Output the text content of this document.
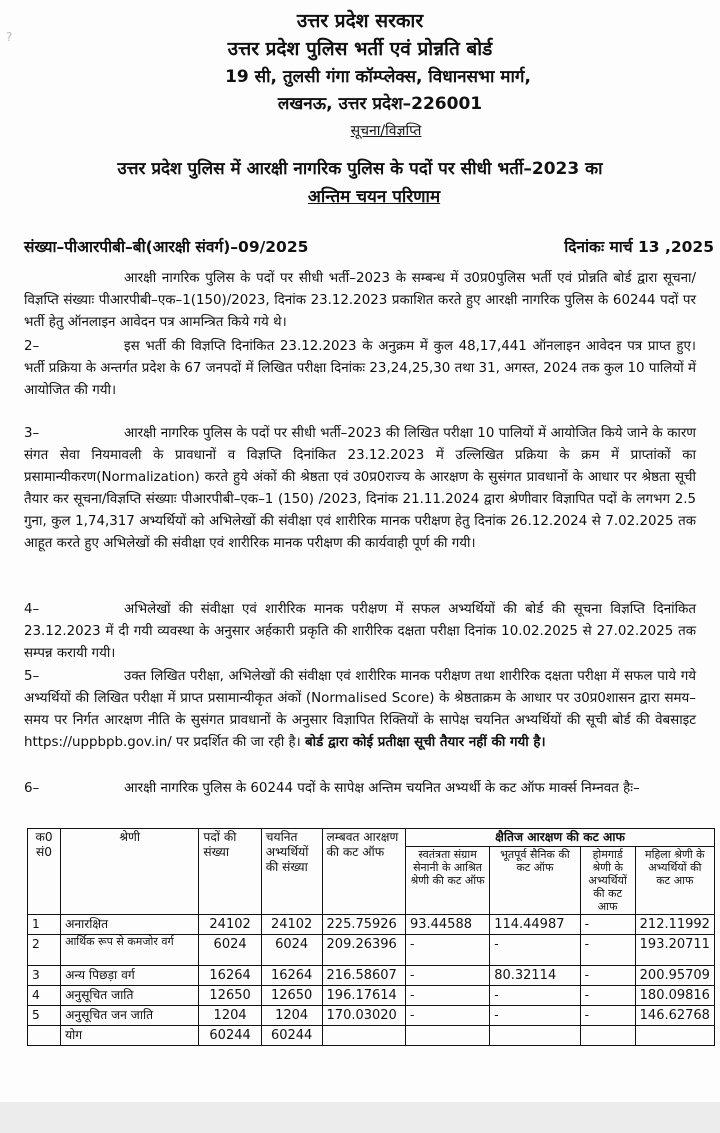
?
उत्तर प्रदेश सरकार
उत्तर प्रदेश पुलिस भर्ती एवं प्रोन्नति बोर्ड
19 सी, तुलसी गंगा कॉम्प्लेक्स, विधानसभा मार्ग,
लखनऊ, उत्तर प्रदेश–226001
सूचना/विज्ञप्ति
उत्तर प्रदेश पुलिस में आरक्षी नागरिक पुलिस के पदों पर सीधी भर्ती–2023 का
अन्तिम चयन परिणाम
संख्या–पीआरपीबी–बी(आरक्षी संवर्ग)–09/2025	दिनांकः मार्च 13 ,2025
आरक्षी नागरिक पुलिस के पदों पर सीधी भर्ती–2023 के सम्बन्ध में उ0प्र0पुलिस भर्ती एवं प्रोन्नति बोर्ड द्वारा सूचना/विज्ञप्ति संख्याः पीआरपीबी–एक–1(150)/2023, दिनांक 23.12.2023 प्रकाशित करते हुए आरक्षी नागरिक पुलिस के 60244 पदों पर भर्ती हेतु ऑनलाइन आवेदन पत्र आमन्त्रित किये गये थे।
2–	इस भर्ती की विज्ञप्ति दिनांकित 23.12.2023 के अनुक्रम में कुल 48,17,441 ऑनलाइन आवेदन पत्र प्राप्त हुए। भर्ती प्रक्रिया के अन्तर्गत प्रदेश के 67 जनपदों में लिखित परीक्षा दिनांकः 23,24,25,30 तथा 31, अगस्त, 2024 तक कुल 10 पालियों में आयोजित की गयी।
3–	आरक्षी नागरिक पुलिस के पदों पर सीधी भर्ती–2023 की लिखित परीक्षा 10 पालियों में आयोजित किये जाने के कारण संगत सेवा नियमावली के प्रावधानों व विज्ञप्ति दिनांकित 23.12.2023 में उल्लिखित प्रक्रिया के क्रम में प्राप्तांकों का प्रसामान्यीकरण(Normalization) करते हुये अंकों की श्रेष्ठता एवं उ0प्र0राज्य के आरक्षण के सुसंगत प्रावधानों के आधार पर श्रेष्ठता सूची तैयार कर सूचना/विज्ञप्ति संख्याः पीआरपीबी–एक–1 (150) /2023, दिनांक 21.11.2024 द्वारा श्रेणीवार विज्ञापित पदों के लगभग 2.5 गुना, कुल 1,74,317 अभ्यर्थियों को अभिलेखों की संवीक्षा एवं शारीरिक मानक परीक्षण हेतु दिनांक 26.12.2024 से 7.02.2025 तक आहूत करते हुए अभिलेखों की संवीक्षा एवं शारीरिक मानक परीक्षण की कार्यवाही पूर्ण की गयी।
4–	अभिलेखों की संवीक्षा एवं शारीरिक मानक परीक्षण में सफल अभ्यर्थियों की बोर्ड की सूचना विज्ञप्ति दिनांकित 23.12.2023 में दी गयी व्यवस्था के अनुसार अर्हकारी प्रकृति की शारीरिक दक्षता परीक्षा दिनांक 10.02.2025 से 27.02.2025 तक सम्पन्न करायी गयी।
5–	उक्त लिखित परीक्षा, अभिलेखों की संवीक्षा एवं शारीरिक मानक परीक्षण तथा शारीरिक दक्षता परीक्षा में सफल पाये गये अभ्यर्थियों की लिखित परीक्षा में प्राप्त प्रसामान्यीकृत अंकों (Normalised Score) के श्रेष्ठताक्रम के आधार पर उ0प्र0शासन द्वारा समय–समय पर निर्गत आरक्षण नीति के सुसंगत प्रावधानों के अनुसार विज्ञापित रिक्तियों के सापेक्ष चयनित अभ्यर्थियों की सूची बोर्ड की वेबसाइट https://uppbpb.gov.in/ पर प्रदर्शित की जा रही है। बोर्ड द्वारा कोई प्रतीक्षा सूची तैयार नहीं की गयी है।
6–	आरक्षी नागरिक पुलिस के 60244 पदों के सापेक्ष अन्तिम चयनित अभ्यर्थी के कट ऑफ मार्क्स निम्नवत हैः–
क0 सं0	श्रेणी	पदों की संख्या	चयनित अभ्यर्थियों की संख्या	लम्बवत आरक्षण की कट ऑफ	क्षैतिज आरक्षण की कट आफ			
					स्वतंत्रता संग्राम सेनानी के आश्रित श्रेणी की कट ऑफ	भूतपूर्व सैनिक की कट ऑफ	होमगार्ड श्रेणी के अभ्यर्थियों की कट आफ	महिला श्रेणी के अभ्यर्थियों की कट आफ
1	अनारक्षित	24102	24102	225.75926	93.44588	114.44987	-	212.11992
2	आर्थिक रूप से कमजोर वर्ग	6024	6024	209.26396	-	-	-	193.20711
3	अन्य पिछड़ा वर्ग	16264	16264	216.58607	-	80.32114	-	200.95709
4	अनुसूचित जाति	12650	12650	196.17614	-	-	-	180.09816
5	अनुसूचित जन जाति	1204	1204	170.03020	-	-	-	146.62768
	योग	60244	60244					
